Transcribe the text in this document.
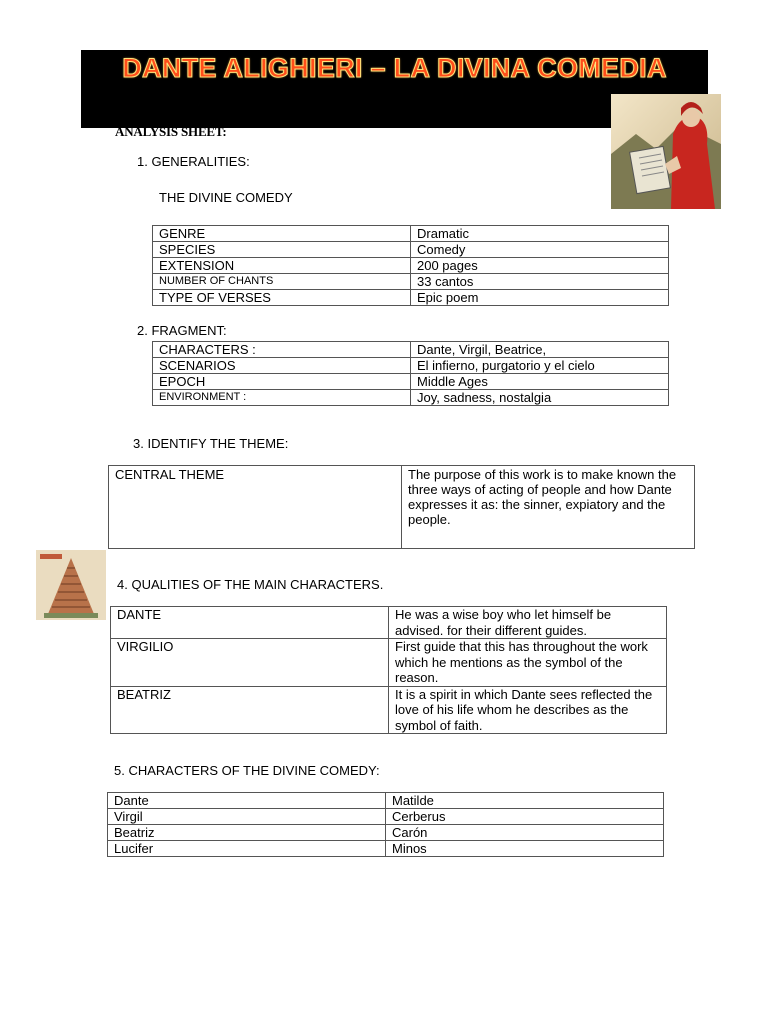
DANTE ALIGHIERI – LA DIVINA COMEDIA
ANALYSIS SHEET:
1. GENERALITIES:
THE DIVINE COMEDY
GENRE	Dramatic
SPECIES	Comedy
EXTENSION	200 pages
NUMBER OF CHANTS	33 cantos
TYPE OF VERSES	Epic poem
2. FRAGMENT:
CHARACTERS :	Dante, Virgil, Beatrice,
SCENARIOS	El infierno, purgatorio y el cielo
EPOCH	Middle Ages
ENVIRONMENT :	Joy, sadness, nostalgia
3. IDENTIFY THE THEME:
CENTRAL THEME	The purpose of this work is to make known the three ways of acting of people and how Dante expresses it as: the sinner, expiatory and the people.
4. QUALITIES OF THE MAIN CHARACTERS.
DANTE	He was a wise boy who let himself be advised. for their different guides.
VIRGILIO	First guide that this has throughout the work which he mentions as the symbol of the reason.
BEATRIZ	It is a spirit in which Dante sees reflected the love of his life whom he describes as the symbol of faith.
5. CHARACTERS OF THE DIVINE COMEDY:
Dante	Matilde
Virgil	Cerberus
Beatriz	Carón
Lucifer	Minos
